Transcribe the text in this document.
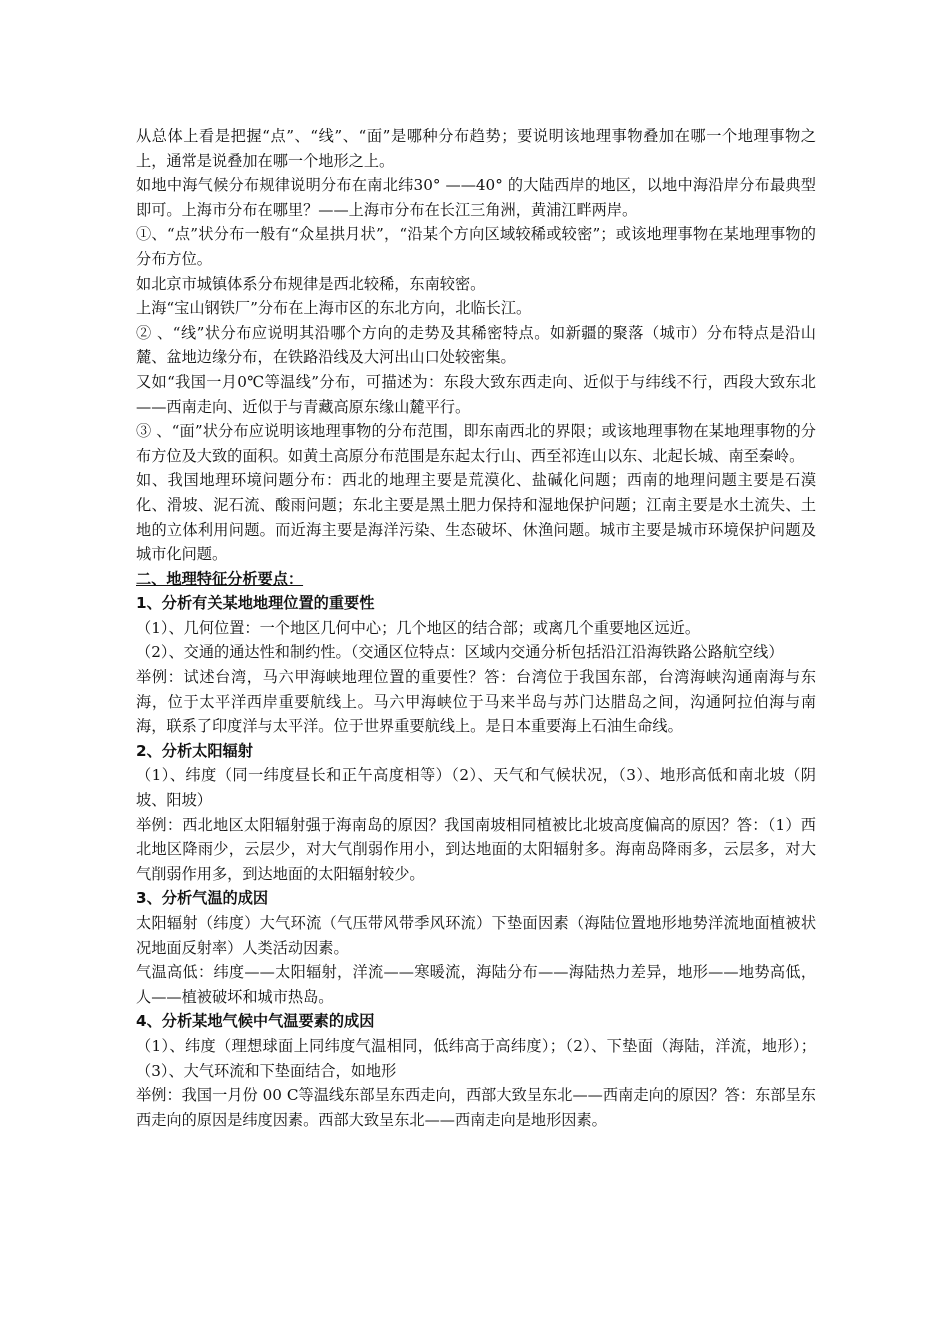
从总体上看是把握“点”、“线”、“面”是哪种分布趋势；要说明该地理事物叠加在哪一个地理事物之上，通常是说叠加在哪一个地形之上。

如地中海气候分布规律说明分布在南北纬30° ——40° 的大陆西岸的地区，以地中海沿岸分布最典型即可。上海市分布在哪里？——上海市分布在长江三角洲，黄浦江畔两岸。

①、“点”状分布一般有“众星拱月状”，“沿某个方向区域较稀或较密”；或该地理事物在某地理事物的分布方位。

如北京市城镇体系分布规律是西北较稀，东南较密。

上海“宝山钢铁厂”分布在上海市区的东北方向，北临长江。

② 、“线”状分布应说明其沿哪个方向的走势及其稀密特点。如新疆的聚落（城市）分布特点是沿山麓、盆地边缘分布，在铁路沿线及大河出山口处较密集。

又如“我国一月0℃等温线”分布，可描述为：东段大致东西走向、近似于与纬线不行，西段大致东北——西南走向、近似于与青藏高原东缘山麓平行。

③ 、“面”状分布应说明该地理事物的分布范围，即东南西北的界限；或该地理事物在某地理事物的分布方位及大致的面积。如黄土高原分布范围是东起太行山、西至祁连山以东、北起长城、南至秦岭。

如、我国地理环境问题分布：西北的地理主要是荒漠化、盐碱化问题；西南的地理问题主要是石漠化、滑坡、泥石流、酸雨问题；东北主要是黑土肥力保持和湿地保护问题；江南主要是水土流失、土地的立体利用问题。而近海主要是海洋污染、生态破坏、休渔问题。城市主要是城市环境保护问题及城市化问题。

二、地理特征分析要点：

1、分析有关某地地理位置的重要性

（1）、几何位置：一个地区几何中心；几个地区的结合部；或离几个重要地区远近。

（2）、交通的通达性和制约性。（交通区位特点：区域内交通分析包括沿江沿海铁路公路航空线）

举例：试述台湾，马六甲海峡地理位置的重要性？答：台湾位于我国东部，台湾海峡沟通南海与东海，位于太平洋西岸重要航线上。马六甲海峡位于马来半岛与苏门达腊岛之间，沟通阿拉伯海与南海，联系了印度洋与太平洋。位于世界重要航线上。是日本重要海上石油生命线。

2、分析太阳辐射

（1）、纬度（同一纬度昼长和正午高度相等）（2）、天气和气候状况，（3）、地形高低和南北坡（阴坡、阳坡）

举例：西北地区太阳辐射强于海南岛的原因？我国南坡相同植被比北坡高度偏高的原因？答：（1）西北地区降雨少，云层少，对大气削弱作用小，到达地面的太阳辐射多。海南岛降雨多，云层多，对大气削弱作用多，到达地面的太阳辐射较少。

3、分析气温的成因

太阳辐射（纬度）大气环流（气压带风带季风环流）下垫面因素（海陆位置地形地势洋流地面植被状况地面反射率）人类活动因素。

气温高低：纬度——太阳辐射，洋流——寒暖流，海陆分布——海陆热力差异，地形——地势高低，人——植被破坏和城市热岛。

4、分析某地气候中气温要素的成因

（1）、纬度（理想球面上同纬度气温相同，低纬高于高纬度）；（2）、下垫面（海陆，洋流，地形）；（3）、大气环流和下垫面结合，如地形

举例：我国一月份 00 C等温线东部呈东西走向，西部大致呈东北——西南走向的原因？答：东部呈东西走向的原因是纬度因素。西部大致呈东北——西南走向是地形因素。
